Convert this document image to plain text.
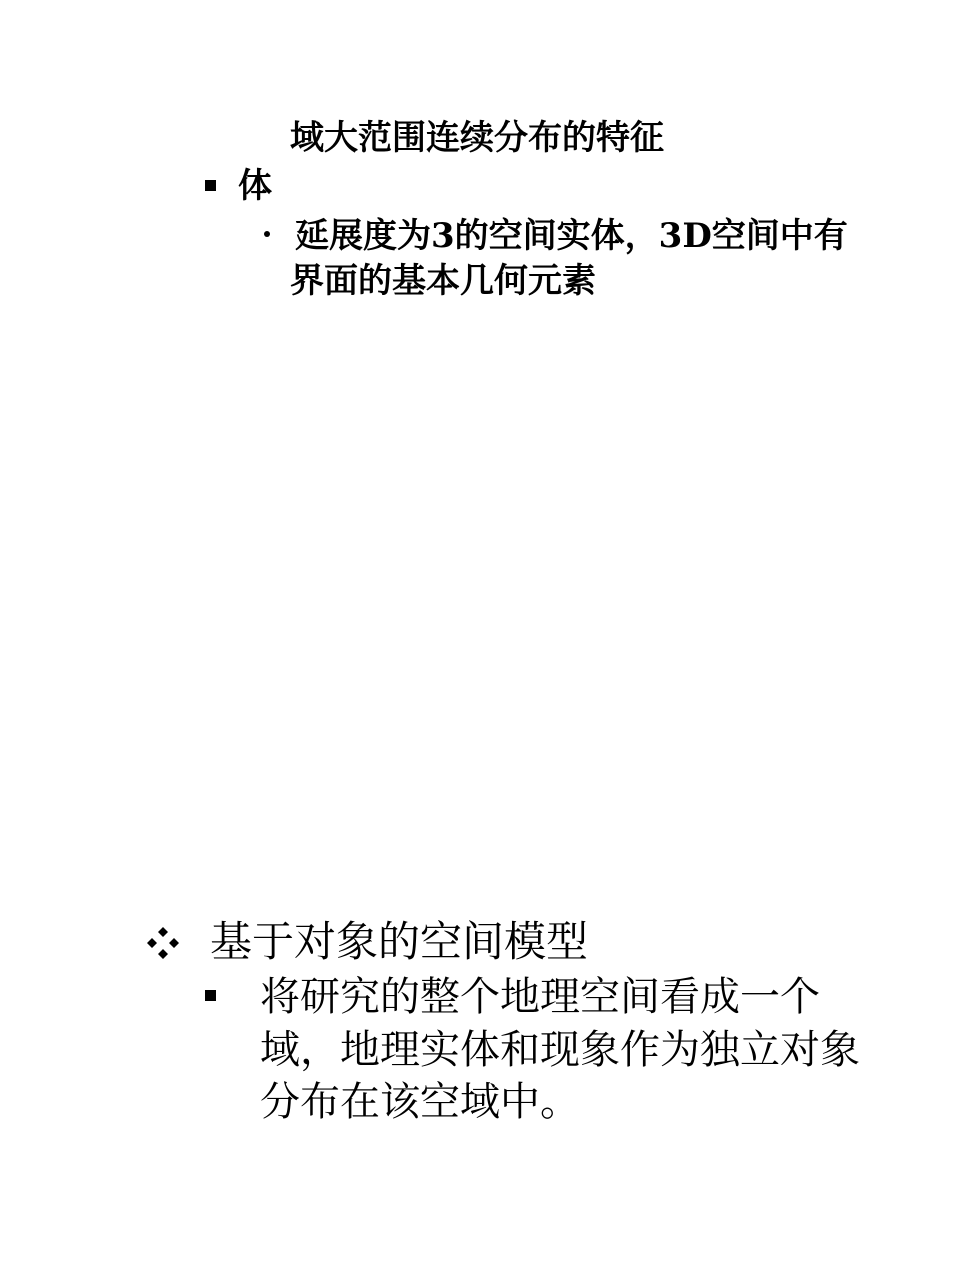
域大范围连续分布的特征
体
延展度为3的空间实体，3D空间中有
界面的基本几何元素
基于对象的空间模型
将研究的整个地理空间看成一个
域，地理实体和现象作为独立对象
分布在该空域中。
